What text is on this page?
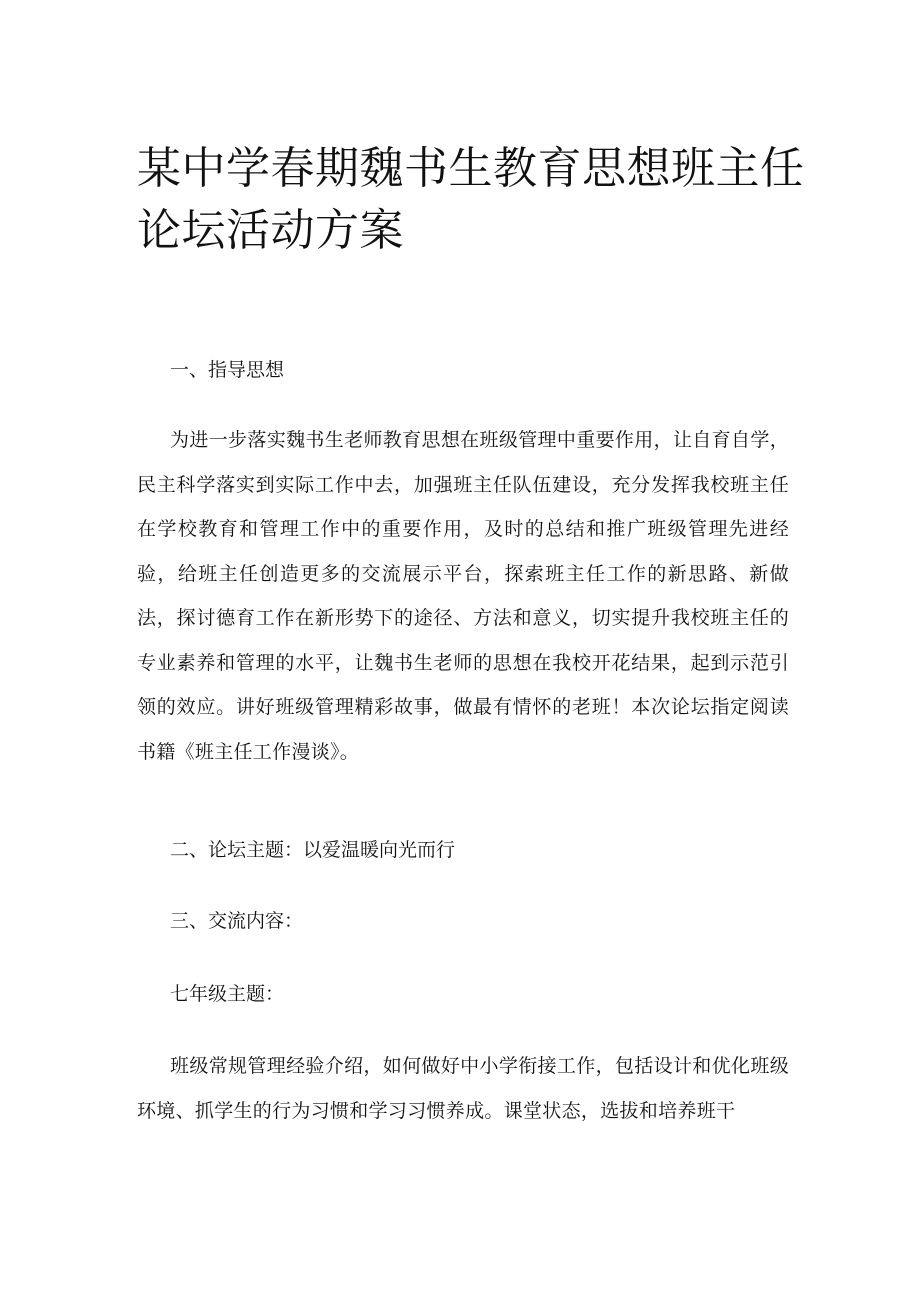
某中学春期魏书生教育思想班主任
论坛活动方案
一、指导思想

为进一步落实魏书生老师教育思想在班级管理中重要作用，让自育自学，民主科学落实到实际工作中去，加强班主任队伍建设，充分发挥我校班主任在学校教育和管理工作中的重要作用，及时的总结和推广班级管理先进经验，给班主任创造更多的交流展示平台，探索班主任工作的新思路、新做法，探讨德育工作在新形势下的途径、方法和意义，切实提升我校班主任的专业素养和管理的水平，让魏书生老师的思想在我校开花结果，起到示范引领的效应。讲好班级管理精彩故事，做最有情怀的老班！本次论坛指定阅读书籍《班主任工作漫谈》。

二、论坛主题：以爱温暖向光而行
三、交流内容：
七年级主题：

班级常规管理经验介绍，如何做好中小学衔接工作，包括设计和优化班级环境、抓学生的行为习惯和学习习惯养成。课堂状态，选拔和培养班干
